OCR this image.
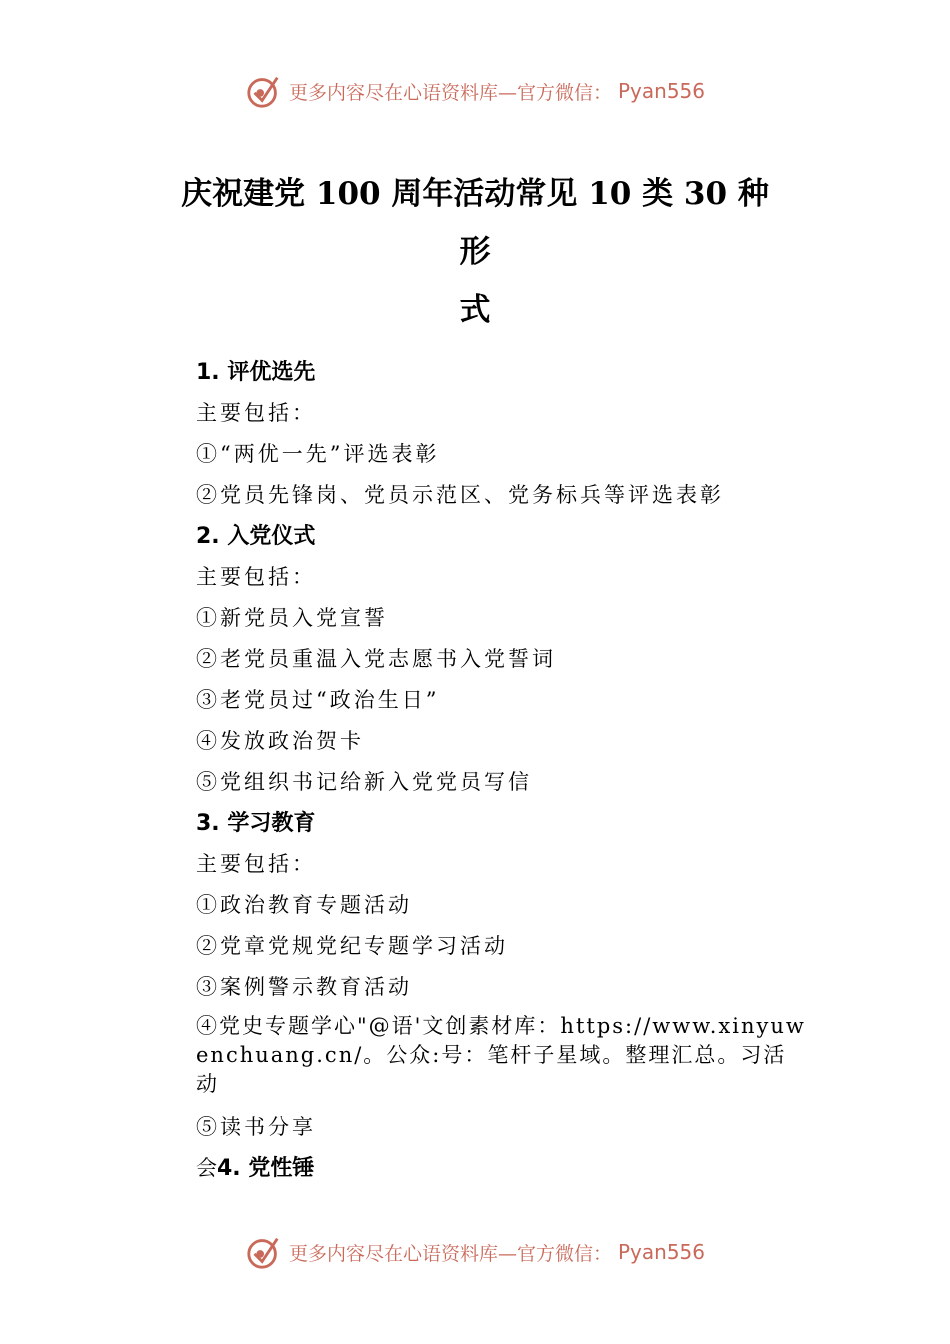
更多内容尽在心语资料库—官方微信： Pyan556
庆祝建党 100 周年活动常见 10 类 30 种
形
式
1. 评优选先
主要包括：
①“两优一先”评选表彰
②党员先锋岗、党员示范区、党务标兵等评选表彰
2. 入党仪式
主要包括：
①新党员入党宣誓
②老党员重温入党志愿书入党誓词
③老党员过“政治生日”
④发放政治贺卡
⑤党组织书记给新入党党员写信
3. 学习教育
主要包括：
①政治教育专题活动
②党章党规党纪专题学习活动
③案例警示教育活动
④党史专题学心"@语'文创素材库：https://www.xinyuwenchuang.cn/。公众:号：笔杆子星域。整理汇总。习活动
⑤读书分享
会4. 党性锤
更多内容尽在心语资料库—官方微信： Pyan556
